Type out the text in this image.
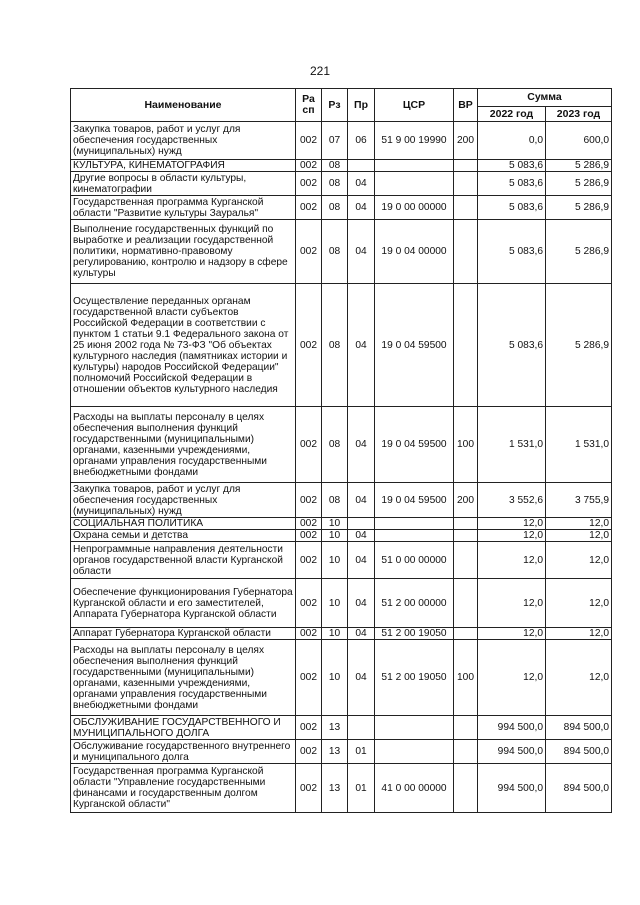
221
Наименование	Ра сп	Рз	Пр	ЦСР	ВР	Сумма	
						2022 год	2023 год
Закупка товаров, работ и услуг для обеспечения государственных (муниципальных) нужд	002	07	06	51 9 00 19990	200	0,0	600,0
КУЛЬТУРА, КИНЕМАТОГРАФИЯ	002	08				5 083,6	5 286,9
Другие вопросы в области культуры, кинематографии	002	08	04			5 083,6	5 286,9
Государственная программа Курганской области "Развитие культуры Зауралья"	002	08	04	19 0 00 00000		5 083,6	5 286,9
Выполнение государственных функций по выработке и реализации государственной политики, нормативно-правовому регулированию, контролю и надзору в сфере культуры	002	08	04	19 0 04 00000		5 083,6	5 286,9
Осуществление переданных органам государственной власти субъектов Российской Федерации в соответствии с пунктом 1 статьи 9.1 Федерального закона от 25 июня 2002 года № 73-ФЗ "Об объектах культурного наследия (памятниках истории и культуры) народов Российской Федерации" полномочий Российской Федерации в отношении объектов культурного наследия	002	08	04	19 0 04 59500		5 083,6	5 286,9
Расходы на выплаты персоналу в целях обеспечения выполнения функций государственными (муниципальными) органами, казенными учреждениями, органами управления государственными внебюджетными фондами	002	08	04	19 0 04 59500	100	1 531,0	1 531,0
Закупка товаров, работ и услуг для обеспечения государственных (муниципальных) нужд	002	08	04	19 0 04 59500	200	3 552,6	3 755,9
СОЦИАЛЬНАЯ ПОЛИТИКА	002	10				12,0	12,0
Охрана семьи и детства	002	10	04			12,0	12,0
Непрограммные направления деятельности органов государственной власти Курганской области	002	10	04	51 0 00 00000		12,0	12,0
Обеспечение функционирования Губернатора Курганской области и его заместителей, Аппарата Губернатора Курганской области	002	10	04	51 2 00 00000		12,0	12,0
Аппарат Губернатора Курганской области	002	10	04	51 2 00 19050		12,0	12,0
Расходы на выплаты персоналу в целях обеспечения выполнения функций государственными (муниципальными) органами, казенными учреждениями, органами управления государственными внебюджетными фондами	002	10	04	51 2 00 19050	100	12,0	12,0
ОБСЛУЖИВАНИЕ ГОСУДАРСТВЕННОГО И МУНИЦИПАЛЬНОГО ДОЛГА	002	13				994 500,0	894 500,0
Обслуживание государственного внутреннего и муниципального долга	002	13	01			994 500,0	894 500,0
Государственная программа Курганской области "Управление государственными финансами и государственным долгом Курганской области"	002	13	01	41 0 00 00000		994 500,0	894 500,0
